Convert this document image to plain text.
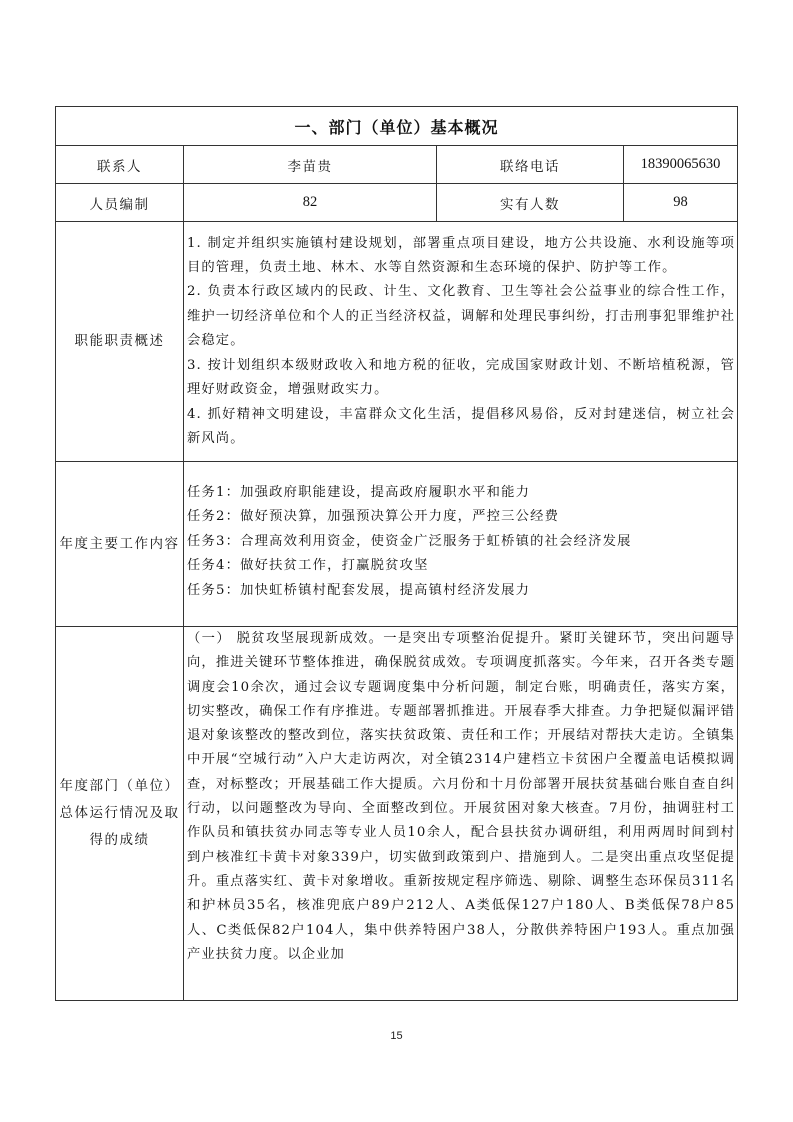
一、部门（单位）基本概况			
联系人	李苗贵	联络电话	18390065630
人员编制	82	实有人数	98
职能职责概述	1. 制定并组织实施镇村建设规划，部署重点项目建设，地方公共设施、水利设施等项目的管理，负责土地、林木、水等自然资源和生态环境的保护、防护等工作。

2. 负责本行政区域内的民政、计生、文化教育、卫生等社会公益事业的综合性工作，维护一切经济单位和个人的正当经济权益，调解和处理民事纠纷，打击刑事犯罪维护社会稳定。

3. 按计划组织本级财政收入和地方税的征收，完成国家财政计划、不断培植税源，管理好财政资金，增强财政实力。

4. 抓好精神文明建设，丰富群众文化生活，提倡移风易俗，反对封建迷信，树立社会新风尚。		

年度主要工作内容	任务1：加强政府职能建设，提高政府履职水平和能力

任务2：做好预决算，加强预决算公开力度，严控三公经费

任务3：合理高效利用资金，使资金广泛服务于虹桥镇的社会经济发展

任务4：做好扶贫工作，打赢脱贫攻坚

任务5：加快虹桥镇村配套发展，提高镇村经济发展力		

年度部门（单位）总体运行情况及取得的成绩	（一） 脱贫攻坚展现新成效。一是突出专项整治促提升。紧盯关键环节，突出问题导向，推进关键环节整体推进，确保脱贫成效。专项调度抓落实。今年来，召开各类专题调度会10余次，通过会议专题调度集中分析问题，制定台账，明确责任，落实方案，切实整改，确保工作有序推进。专题部署抓推进。开展春季大排查。力争把疑似漏评错退对象该整改的整改到位，落实扶贫政策、责任和工作；开展结对帮扶大走访。全镇集中开展“空城行动”入户大走访两次，对全镇2314户建档立卡贫困户全覆盖电话模拟调查，对标整改；开展基础工作大提质。六月份和十月份部署开展扶贫基础台账自查自纠行动，以问题整改为导向、全面整改到位。开展贫困对象大核查。7月份，抽调驻村工作队员和镇扶贫办同志等专业人员10余人，配合县扶贫办调研组，利用两周时间到村到户核准红卡黄卡对象339户，切实做到政策到户、措施到人。二是突出重点攻坚促提升。重点落实红、黄卡对象增收。重新按规定程序筛选、剔除、调整生态环保员311名和护林员35名，核准兜底户89户212人、A类低保127户180人、B类低保78户85人、C类低保82户104人，集中供养特困户38人，分散供养特困户193人。重点加强产业扶贫力度。以企业加		

15
